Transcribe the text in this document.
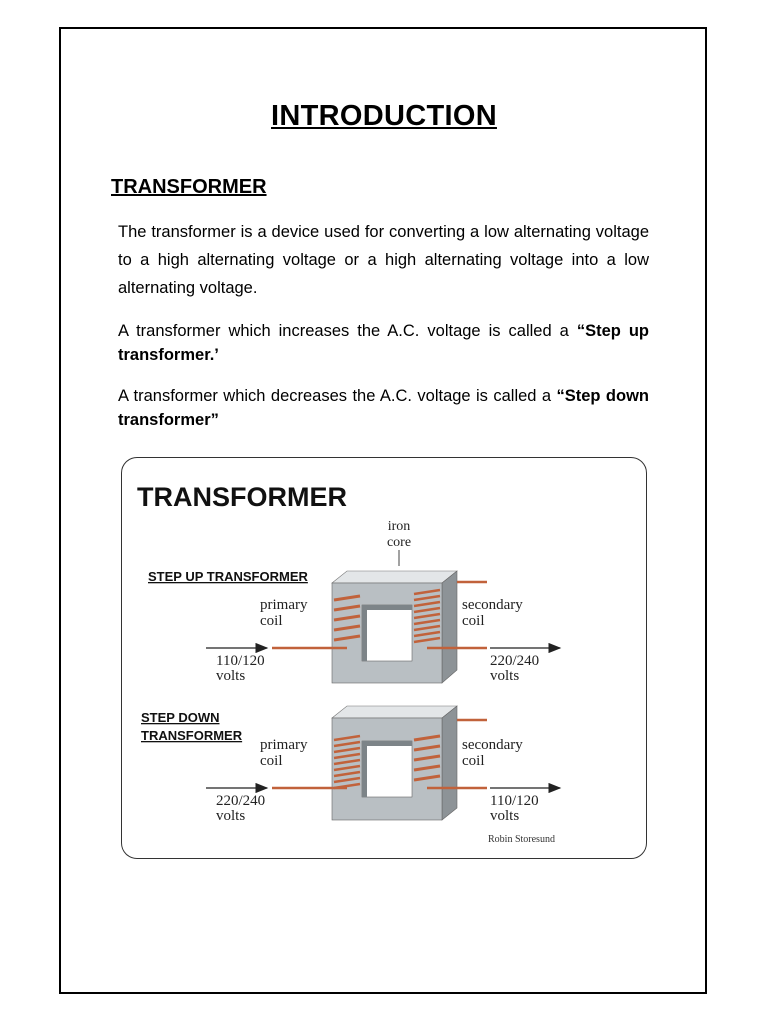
INTRODUCTION
TRANSFORMER

The transformer is a device used for converting a low alternating voltage to a high alternating voltage or a high alternating voltage into a low alternating voltage.

A transformer which increases the A.C. voltage is called a “Step up transformer.’

A transformer which decreases the A.C. voltage is called a “Step down transformer”

TRANSFORMER
iron
core
STEP UP TRANSFORMER
primary
coil
secondary
coil
110/120
volts
220/240
volts
STEP DOWN
TRANSFORMER
primary
coil
secondary
coil
220/240
volts
110/120
volts
Robin Storesund
